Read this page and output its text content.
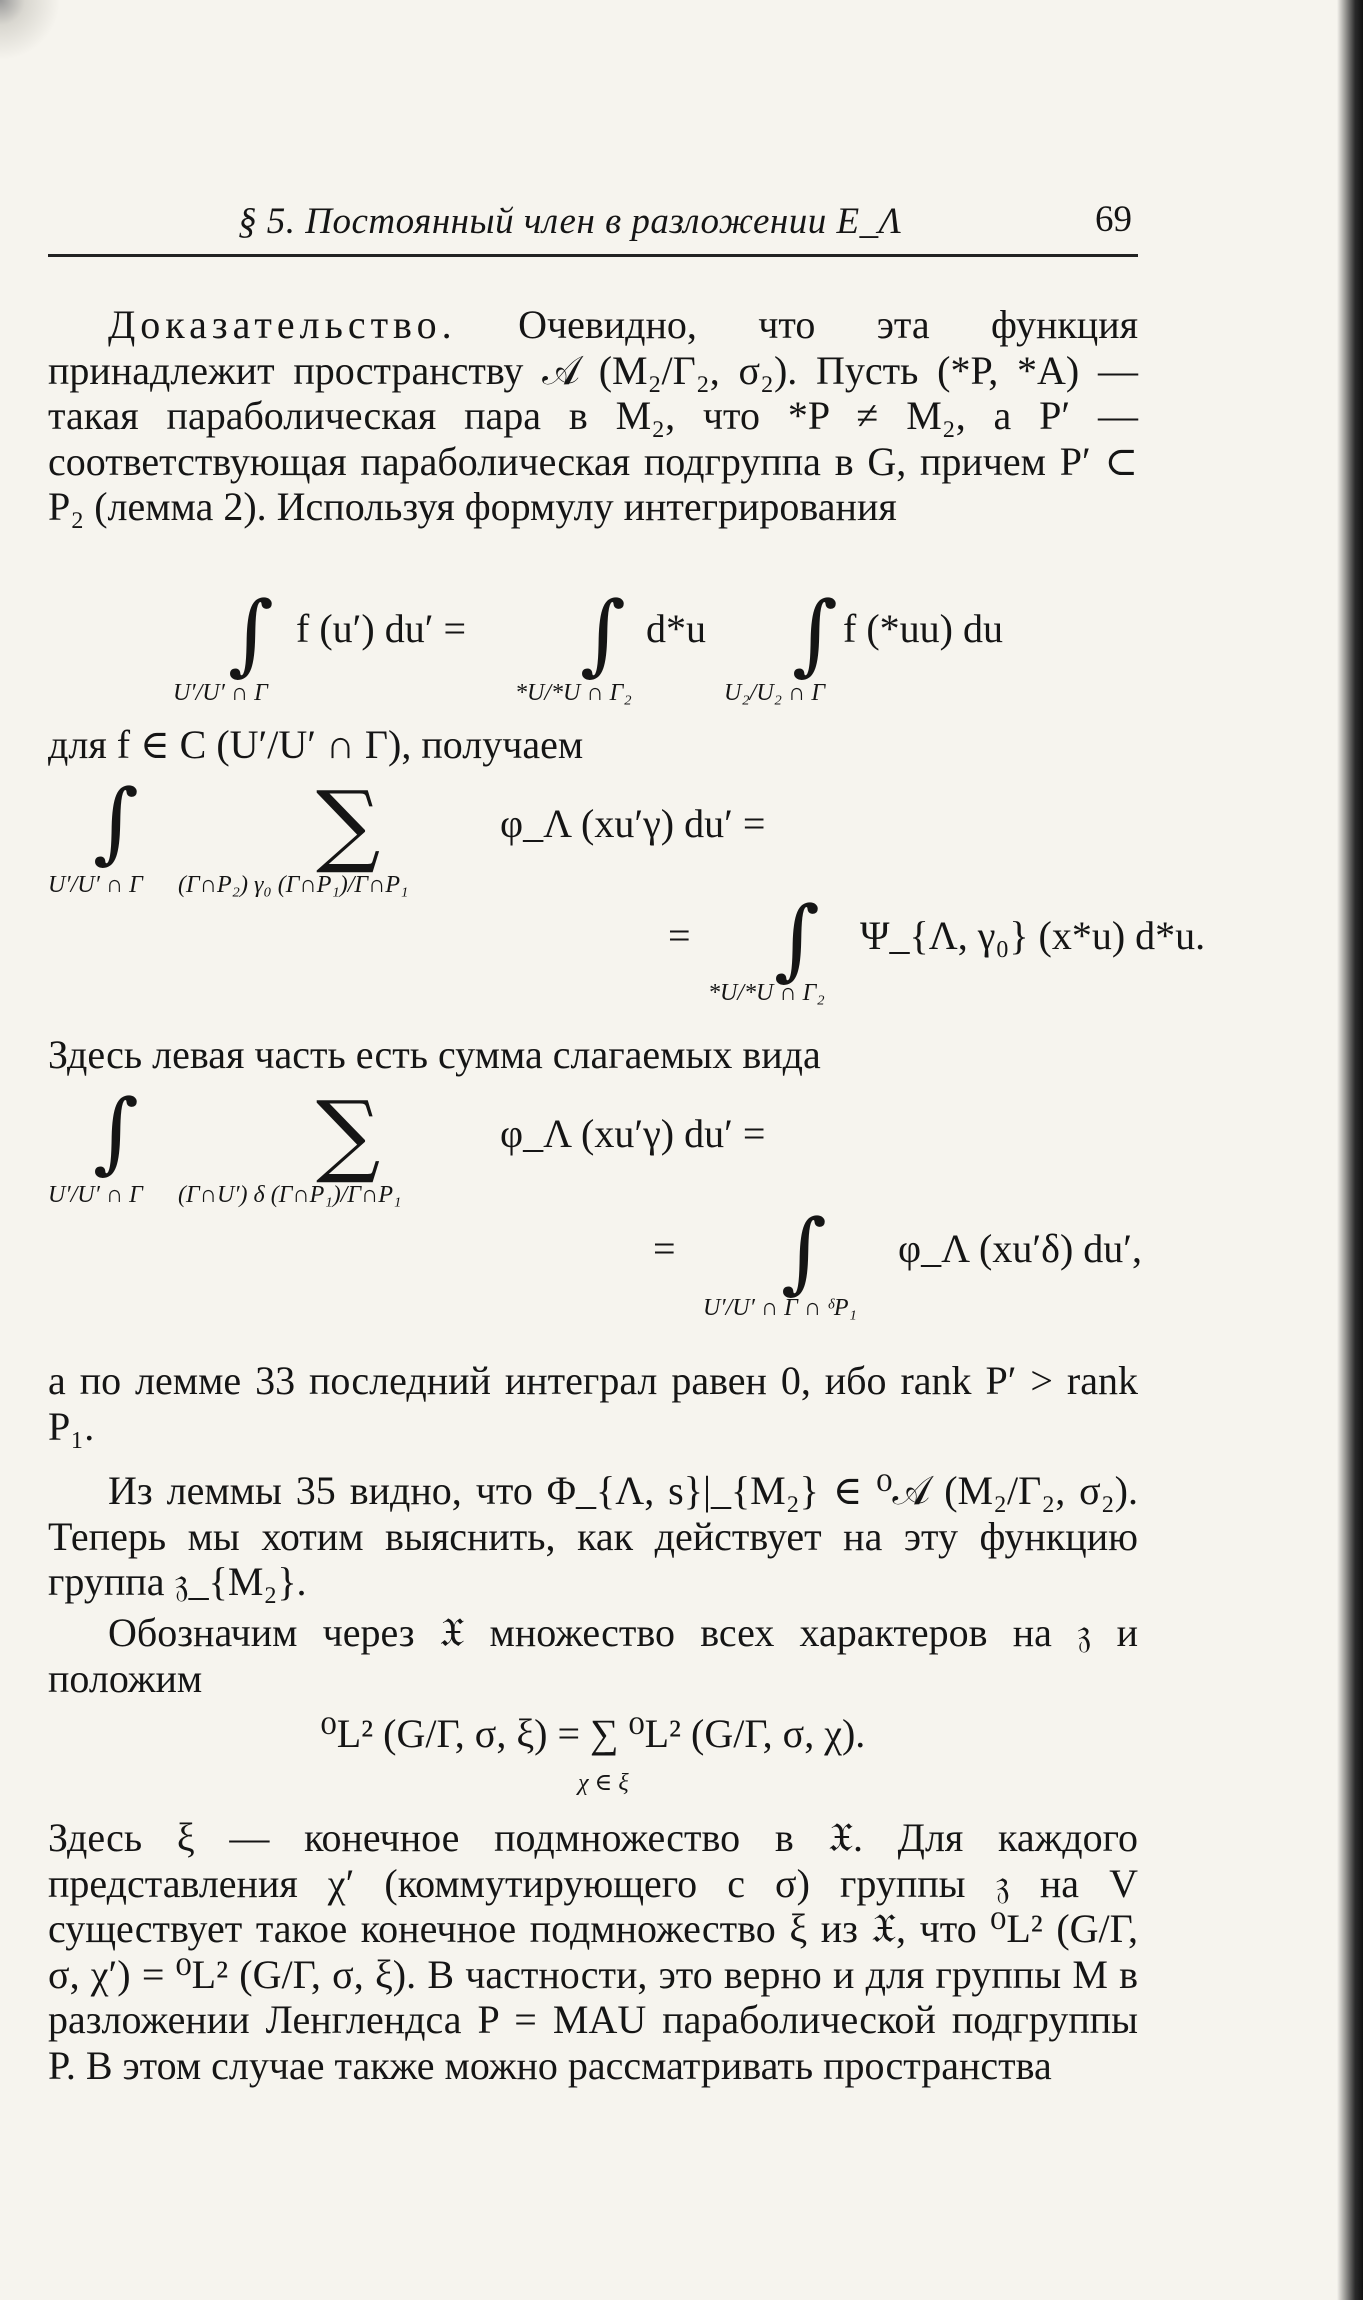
§ 5. Постоянный член в разложении E_Λ	69
Доказательство. Очевидно, что эта функция принадлежит пространству 𝒜 (M₂/Γ₂, σ₂). Пусть (*P, *A) — такая параболическая пара в M₂, что *P ≠ M₂, а P′ — соответствующая параболическая подгруппа в G, причем P′ ⊂ P₂ (лемма 2). Используя формулу интегрирования
∫ f (u′) du′ =
U′/U′ ∩ Γ
∫ d*u
*U/*U ∩ Γ₂
∫ f (*uu) du
U₂/U₂ ∩ Γ
для f ∈ C (U′/U′ ∩ Γ), получаем
∫
U′/U′ ∩ Γ
∑
(Γ∩P₂) γ₀ (Γ∩P₁)/Γ∩P₁
φ_Λ (xu′γ) du′ =
= ∫
*U/*U ∩ Γ₂
Ψ_{Λ, γ₀} (x*u) d*u.
Здесь левая часть есть сумма слагаемых вида
∫
U′/U′ ∩ Γ
∑
(Γ∩U′) δ (Γ∩P₁)/Γ∩P₁
φ_Λ (xu′γ) du′ =
= ∫
U′/U′ ∩ Γ ∩ ᵟP₁
φ_Λ (xu′δ) du′,
а по лемме 33 последний интеграл равен 0, ибо rank P′ > rank P₁.
Из леммы 35 видно, что Φ_{Λ, s}|_{M₂} ∈ ⁰𝒜 (M₂/Γ₂, σ₂). Теперь мы хотим выяснить, как действует на эту функцию группа 𝔷_{M₂}.
Обозначим через 𝔛 множество всех характеров на 𝔷 и положим
⁰L² (G/Γ, σ, ξ) = ∑ ⁰L² (G/Γ, σ, χ).
χ ∈ ξ
Здесь ξ — конечное подмножество в 𝔛. Для каждого представления χ′ (коммутирующего с σ) группы 𝔷 на V существует такое конечное подмножество ξ из 𝔛, что ⁰L² (G/Γ, σ, χ′) = ⁰L² (G/Γ, σ, ξ). В частности, это верно и для группы M в разложении Ленглендса P = MAU параболической подгруппы P. В этом случае также можно рассматривать пространства
